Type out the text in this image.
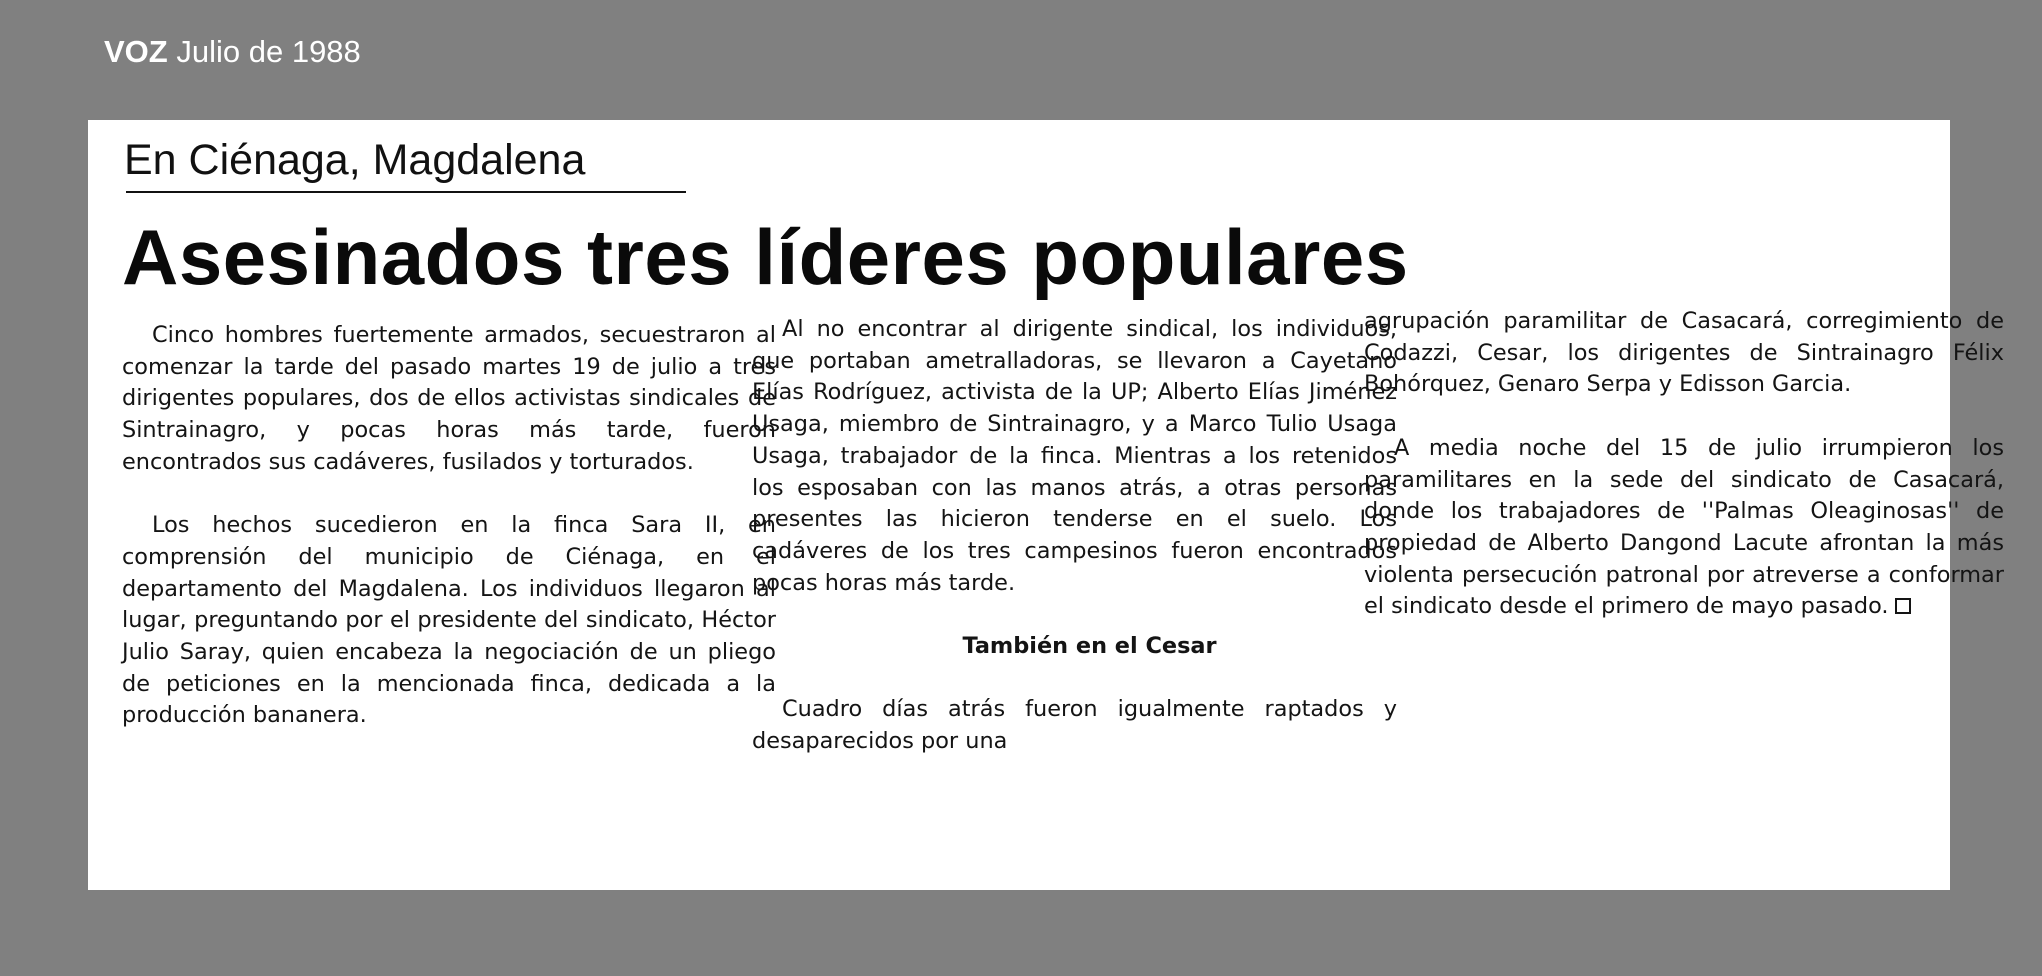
VOZ Julio de 1988
En Ciénaga, Magdalena
Asesinados tres líderes populares

Cinco hombres fuertemente armados, secuestraron al comenzar la tarde del pasado martes 19 de julio a tres dirigentes populares, dos de ellos activistas sindicales de Sintrainagro, y pocas horas más tarde, fueron encontrados sus cadáveres, fusilados y torturados.

Los hechos sucedieron en la finca Sara II, en comprensión del municipio de Ciénaga, en el departamento del Magdalena. Los individuos llegaron al lugar, preguntando por el presidente del sindicato, Héctor Julio Saray, quien encabeza la negociación de un pliego de peticiones en la mencionada finca, dedicada a la producción bananera.

Al no encontrar al dirigente sindical, los individuos, que portaban ametralladoras, se llevaron a Cayetano Elías Rodríguez, activista de la UP; Alberto Elías Jiménez Usaga, miembro de Sintrainagro, y a Marco Tulio Usaga Usaga, trabajador de la finca. Mientras a los retenidos los esposaban con las manos atrás, a otras personas presentes las hicieron tenderse en el suelo. Los cadáveres de los tres campesinos fueron encontrados pocas horas más tarde.

También en el Cesar

Cuadro días atrás fueron igualmente raptados y desaparecidos por una

agrupación paramilitar de Casacará, corregimiento de Codazzi, Cesar, los dirigentes de Sintrainagro Félix Bohórquez, Genaro Serpa y Edisson Garcia.

A media noche del 15 de julio irrumpieron los paramilitares en la sede del sindicato de Casacará, donde los trabajadores de ''Palmas Oleaginosas'' de propiedad de Alberto Dangond Lacute afrontan la más violenta persecución patronal por atreverse a conformar el sindicato desde el primero de mayo pasado.
